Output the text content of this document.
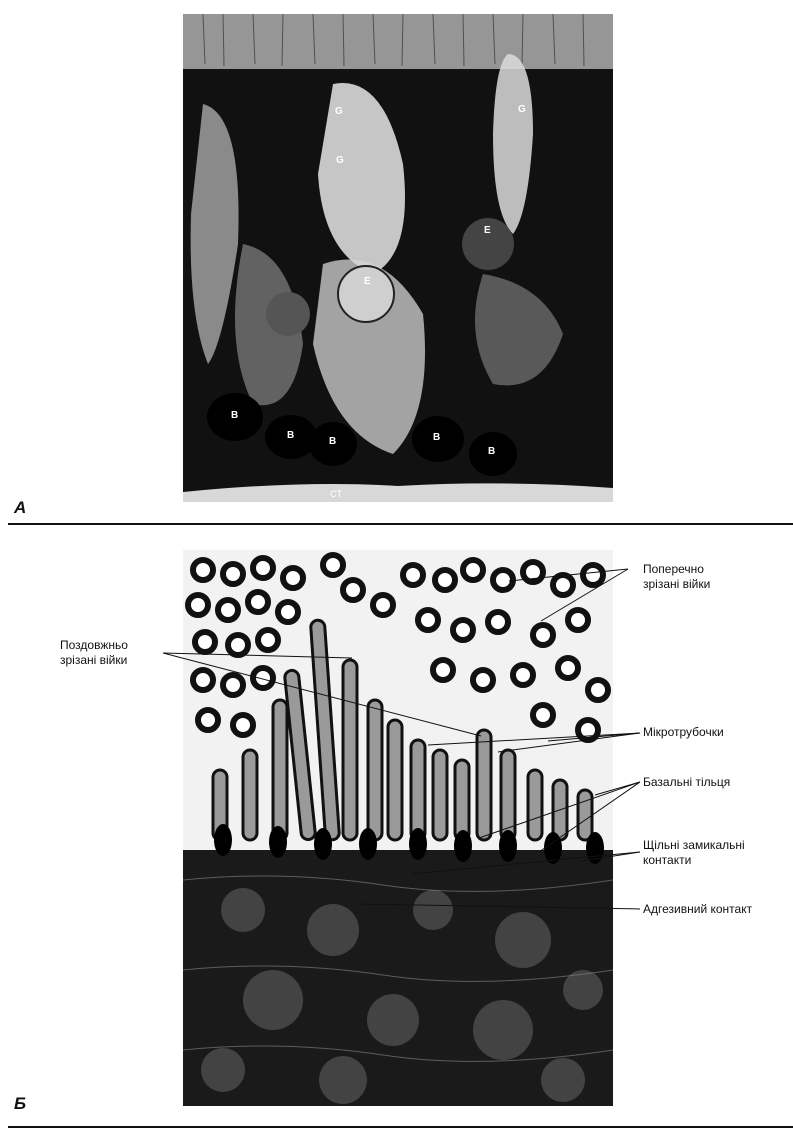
G
G
G
E
E
B
B
B	B
B
CT
A
Поперечно
зрізані війки
Поздовжньо
зрізані війки
Мікротрубочки
Базальні тільця
Щільні замикальні
контакти
Адгезивний контакт
Б
